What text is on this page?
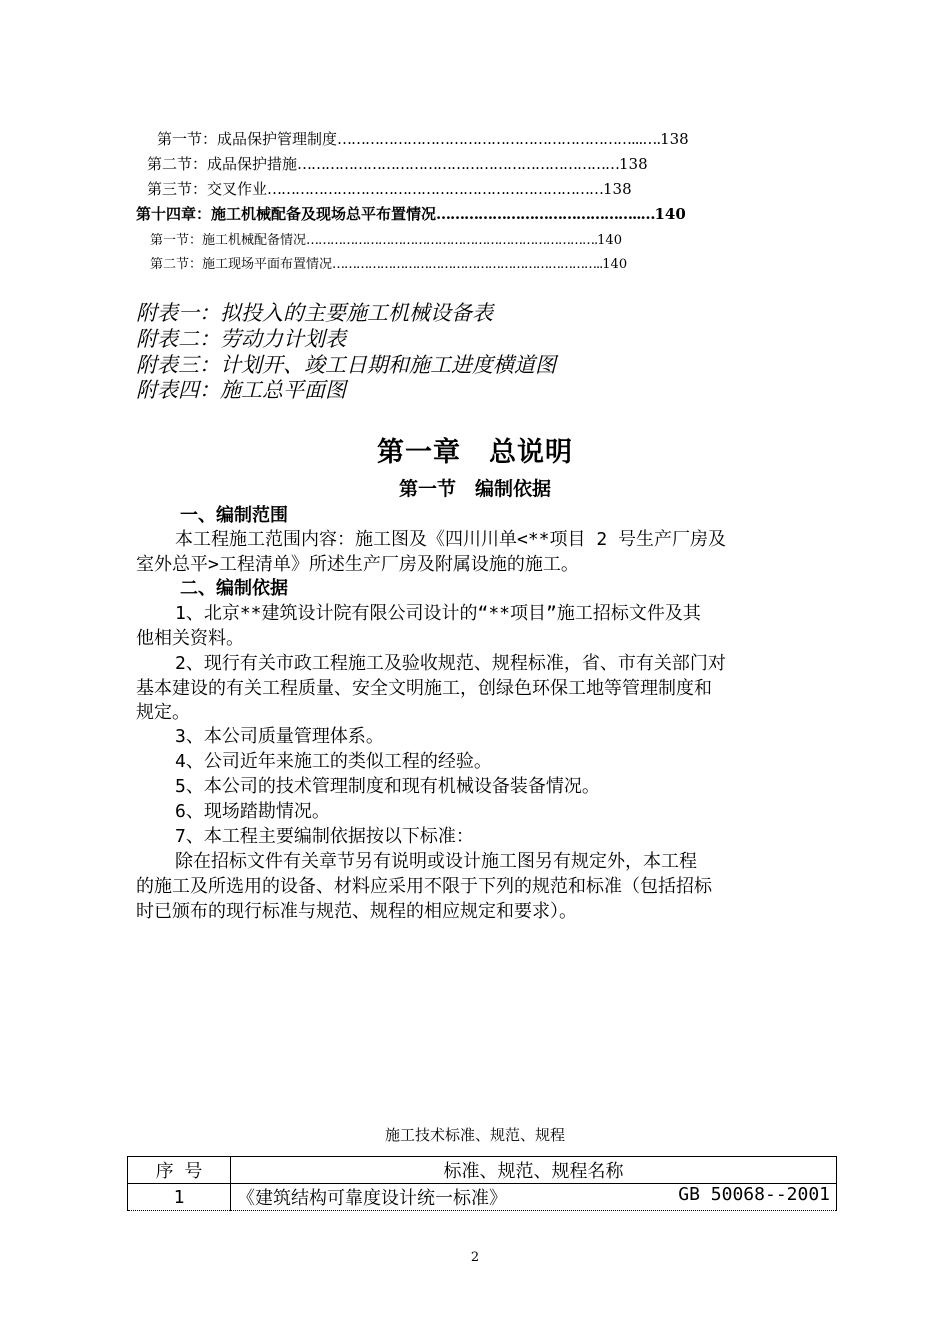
第一节：成品保护管理制度………………………………………………………...….138
第二节：成品保护措施……………………………………………………………138
第三节：交叉作业………………………………………………………………138
第十四章：施工机械配备及现场总平布置情况……………………………………..…140
第一节：施工机械配备情况……………………………………………………………….140
第二节：施工现场平面布置情况…………………………………………………………..140
附表一：拟投入的主要施工机械设备表
附表二：劳动力计划表
附表三：计划开、竣工日期和施工进度横道图
附表四：施工总平面图
第一章　总说明
第一节　编制依据
一、编制范围
本工程施工范围内容：施工图及《四川川单<**项目 2 号生产厂房及
室外总平>工程清单》所述生产厂房及附属设施的施工。
二、编制依据
1、北京**建筑设计院有限公司设计的“**项目”施工招标文件及其
他相关资料。
2、现行有关市政工程施工及验收规范、规程标准，省、市有关部门对
基本建设的有关工程质量、安全文明施工，创绿色环保工地等管理制度和
规定。
3、本公司质量管理体系。
4、公司近年来施工的类似工程的经验。
5、本公司的技术管理制度和现有机械设备装备情况。
6、现场踏勘情况。
7、本工程主要编制依据按以下标准：
除在招标文件有关章节另有说明或设计施工图另有规定外，本工程
的施工及所选用的设备、材料应采用不限于下列的规范和标准（包括招标
时已颁布的现行标准与规范、规程的相应规定和要求）。
施工技术标准、规范、规程
序 号	标准、规范、规程名称
1	《建筑结构可靠度设计统一标准》 GB 50068--2001
2
